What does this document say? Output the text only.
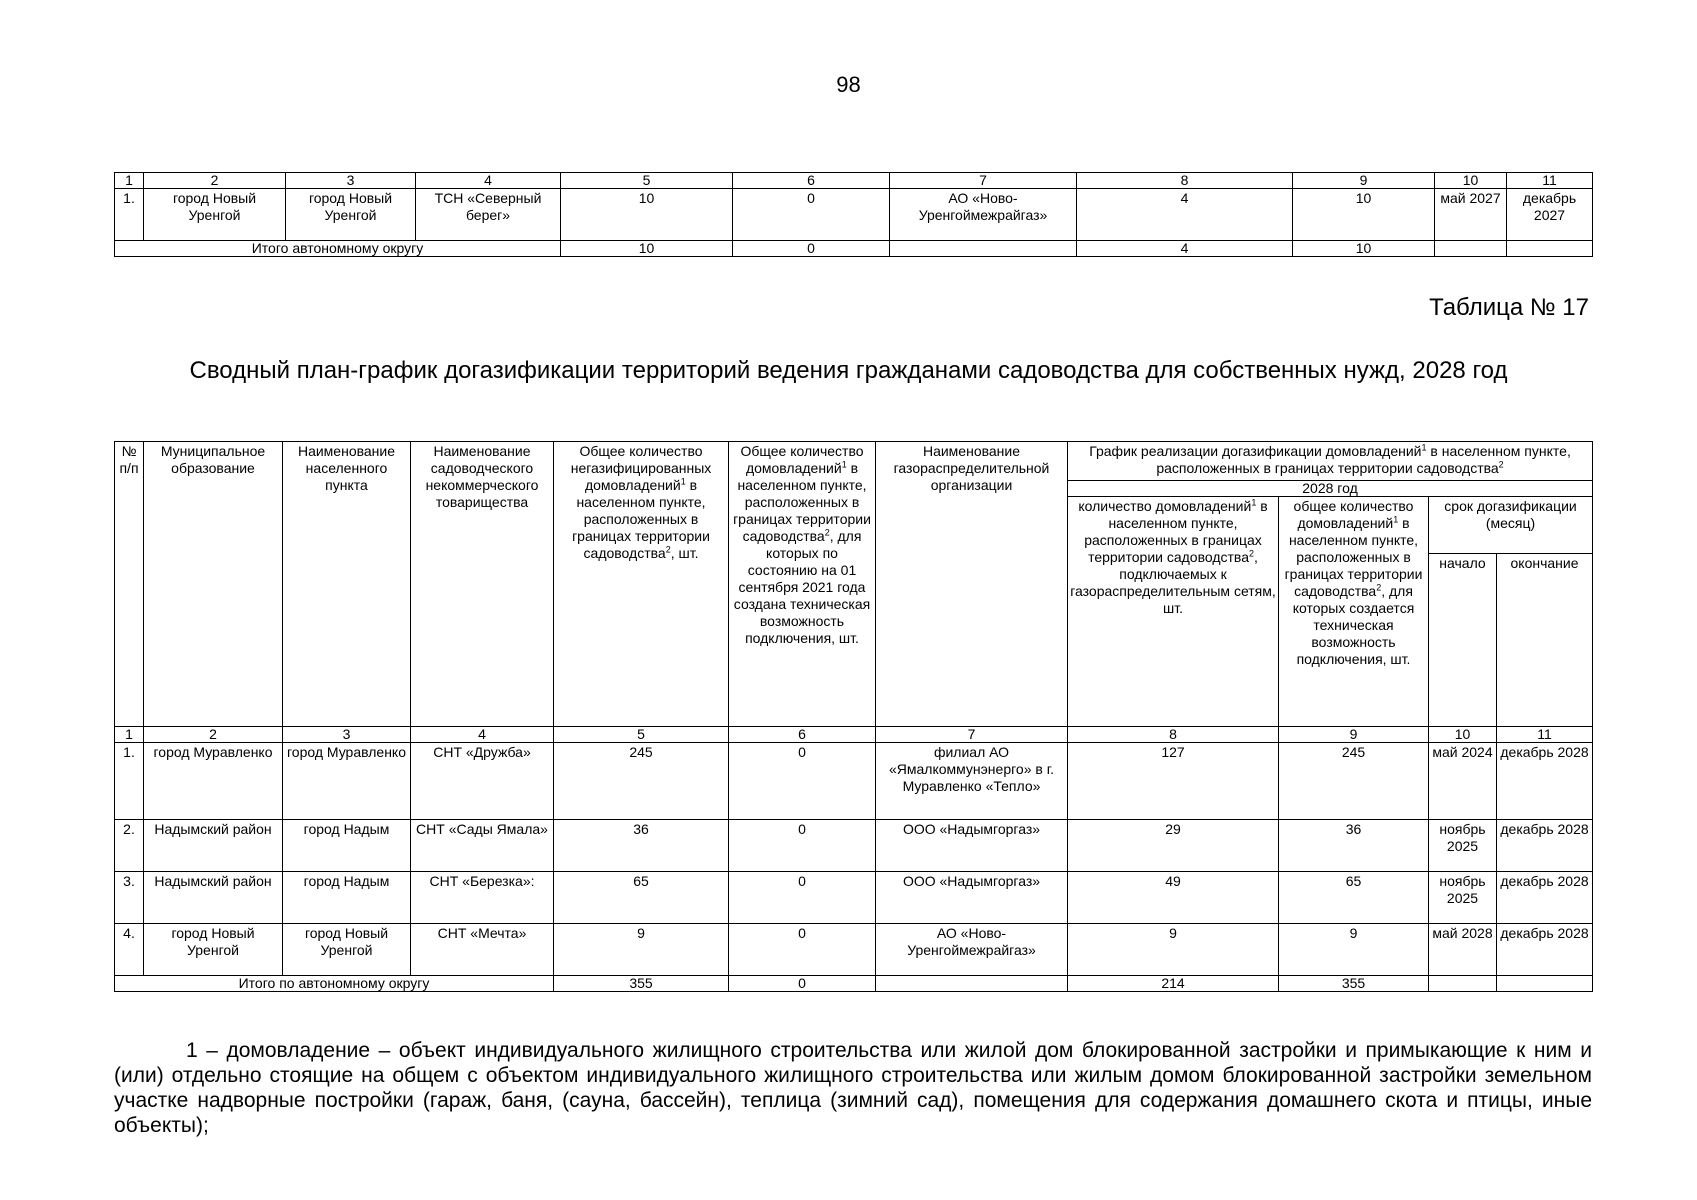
98
1	2	3	4	5	6	7	8	9	10	11
1.	город Новый Уренгой	город Новый Уренгой	ТСН «Северный берег»	10	0	АО «Ново-Уренгоймежрайгаз»	4	10	май 2027	декабрь 2027
Итого автономному округу				10	0		4	10		
Таблица № 17
Сводный план-график догазификации территорий ведения гражданами садоводства для собственных нужд, 2028 год
№ п/п	Муниципальное образование	Наименование населенного пункта	Наименование садоводческого некоммерческого товарищества	Общее количество негазифицированных домовладений$^1$ в населенном пункте, расположенных в границах территории садоводства$^2$, шт.	Общее количество домовладений$^1$ в населенном пункте, расположенных в границах территории садоводства$^2$, для которых по состоянию на 01 сентября 2021 года создана техническая возможность подключения, шт.	Наименование газораспределительной организации	График реализации догазификации домовладений$^1$ в населенном пункте, расположенных в границах территории садоводства$^2$
							2028 год			
							количество домовладений$^1$ в населенном пункте, расположенных в границах территории садоводства$^2$, подключаемых к газораспределительным сетям, шт.	общее количество домовладений$^1$ в населенном пункте, расположенных в границах территории садоводства$^2$, для которых создается техническая возможность подключения, шт.	срок догазификации (месяц)	
									начало	окончание
1	2	3	4	5	6	7	8	9	10	11
1.	город Муравленко	город Муравленко	СНТ «Дружба»	245	0	филиал АО «Ямалкоммунэнерго» в г. Муравленко «Тепло»	127	245	май 2024	декабрь 2028
2.	Надымский район	город Надым	СНТ «Сады Ямала»	36	0	ООО «Надымгоргаз»	29	36	ноябрь 2025	декабрь 2028
3.	Надымский район	город Надым	СНТ «Березка»:	65	0	ООО «Надымгоргаз»	49	65	ноябрь 2025	декабрь 2028
4.	город Новый Уренгой	город Новый Уренгой	СНТ «Мечта»	9	0	АО «Ново-Уренгоймежрайгаз»	9	9	май 2028	декабрь 2028
Итого по автономному округу				355	0		214	355		
1 – домовладение – объект индивидуального жилищного строительства или жилой дом блокированной застройки и примыкающие к ним и (или) отдельно стоящие на общем с объектом индивидуального жилищного строительства или жилым домом блокированной застройки земельном участке надворные постройки (гараж, баня, (сауна, бассейн), теплица (зимний сад), помещения для содержания домашнего скота и птицы, иные объекты);
